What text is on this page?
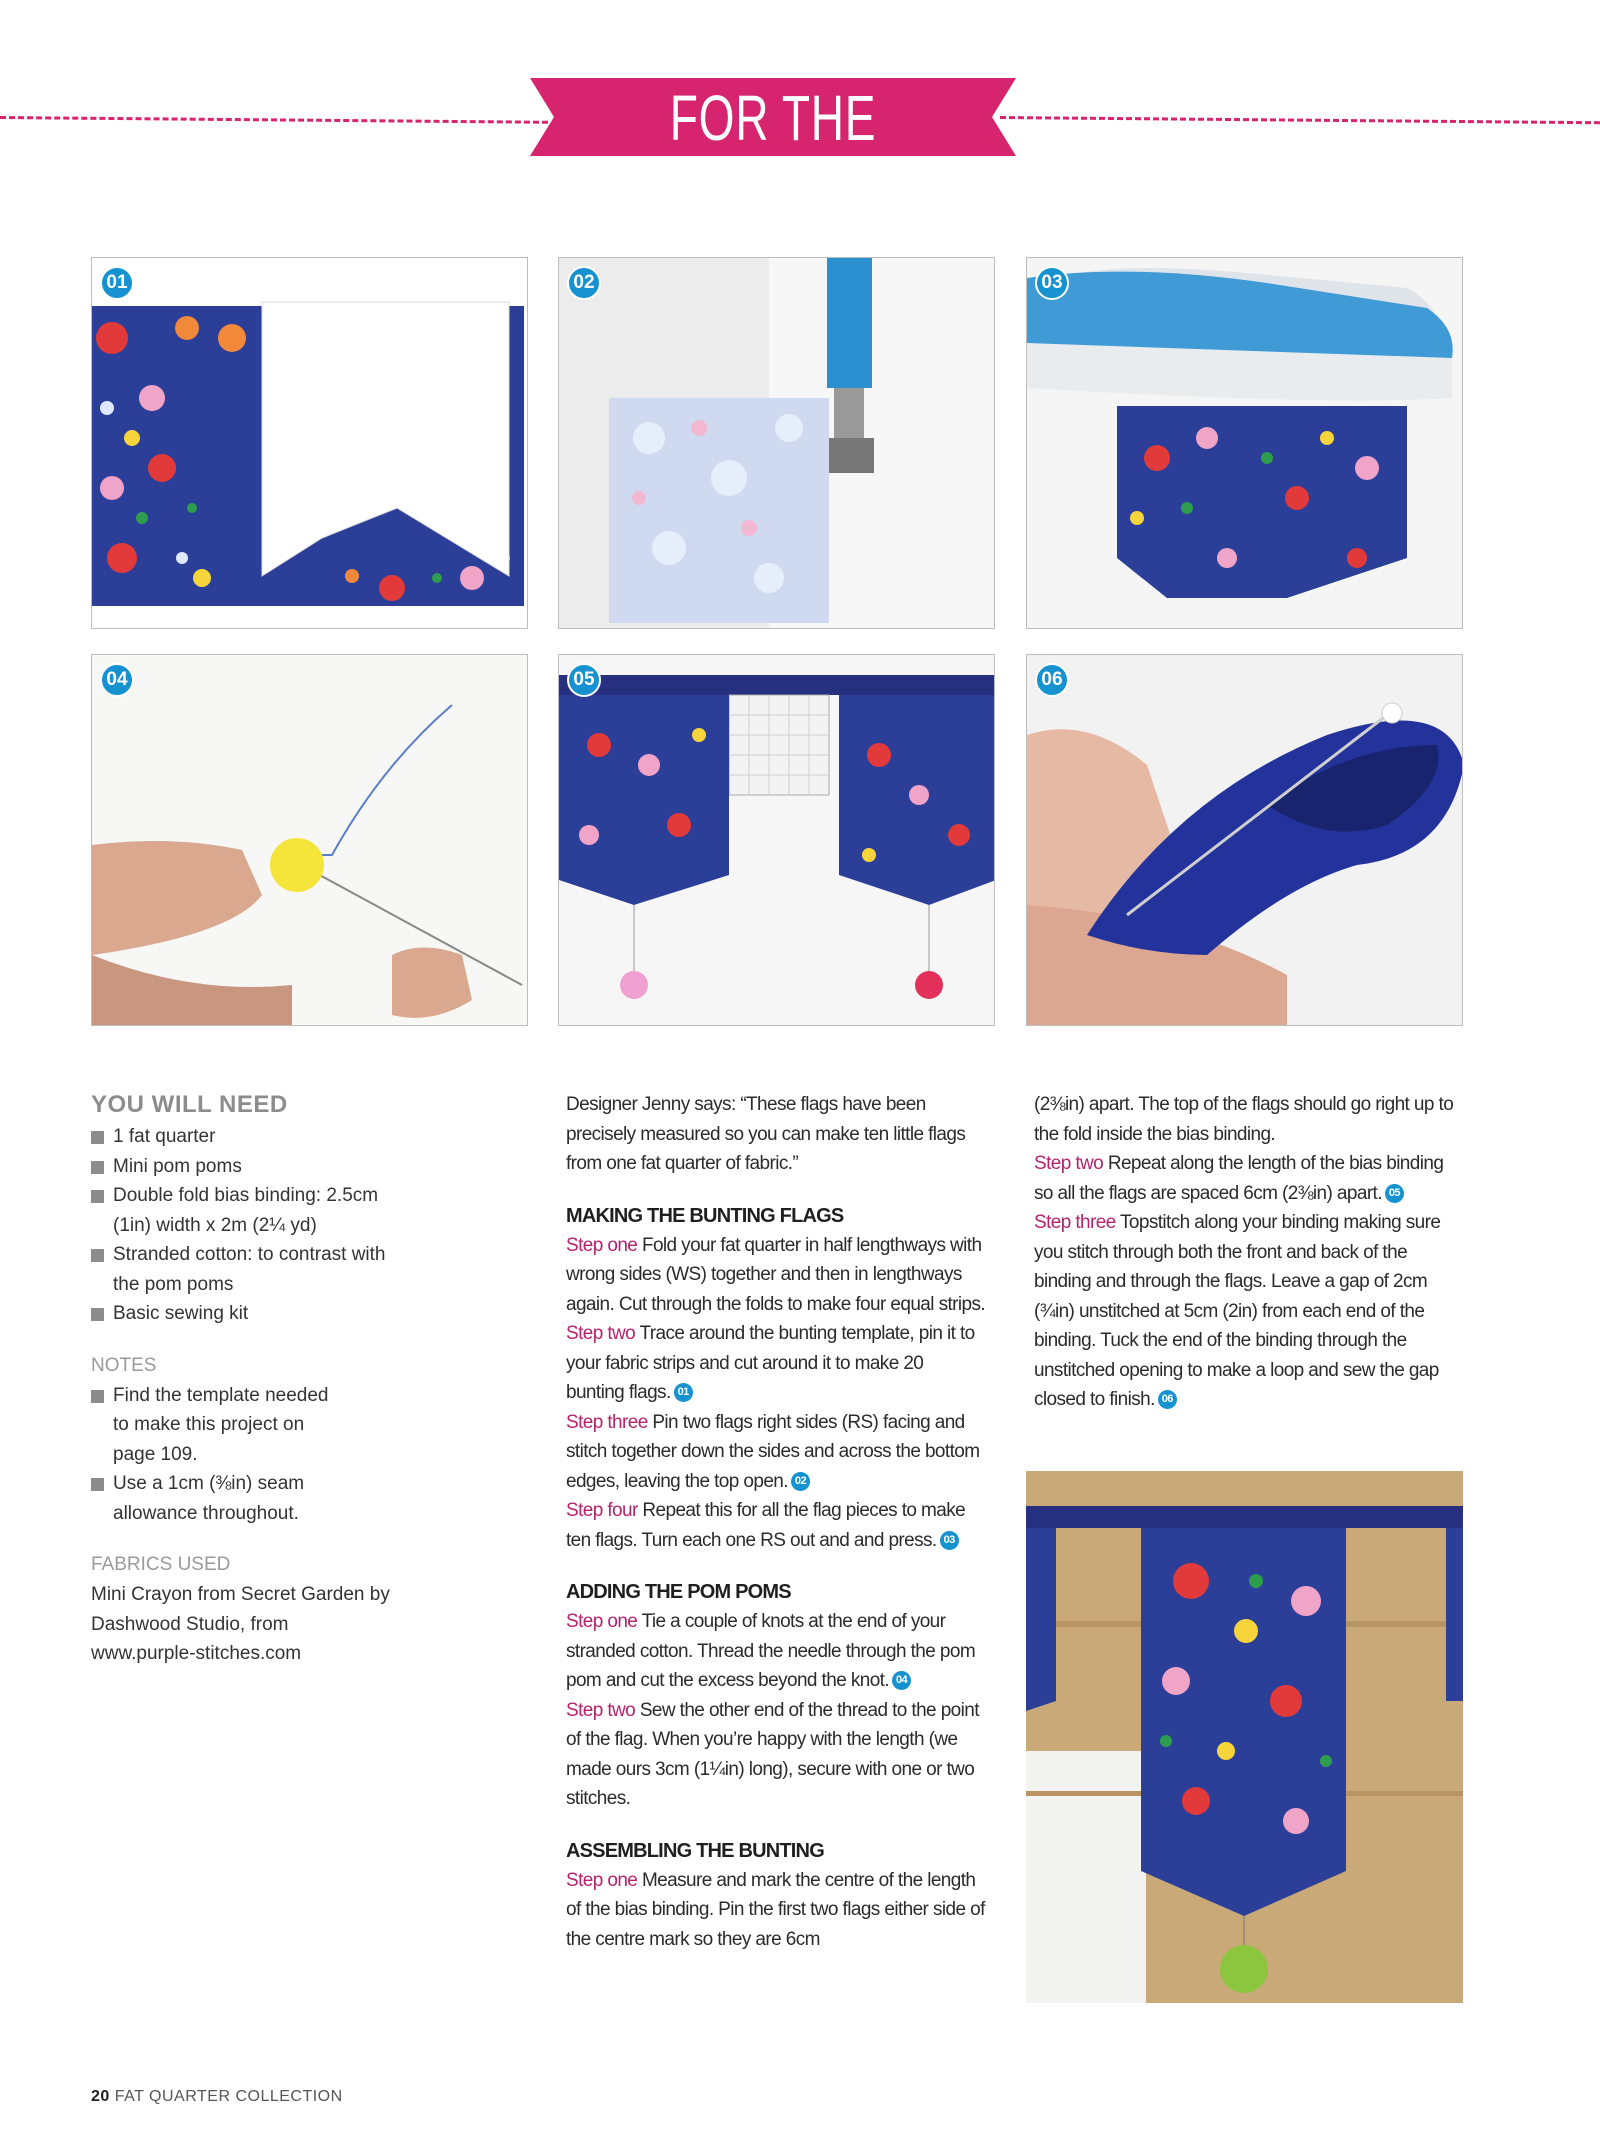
FOR THE HOME
01	02	03
04	05	06
YOU WILL NEED
1 fat quarter
Mini pom poms
Double fold bias binding: 2.5cm (1in) width x 2m (2¼ yd)
Stranded cotton: to contrast with the pom poms
Basic sewing kit
NOTES
Find the template needed to make this project on page 109.
Use a 1cm (⅜in) seam allowance throughout.
FABRICS USED
Mini Crayon from Secret Garden by Dashwood Studio, from www.purple-stitches.com
Designer Jenny says: “These flags have been precisely measured so you can make ten little flags from one fat quarter of fabric.”
MAKING THE BUNTING FLAGS
Step one Fold your fat quarter in half lengthways with wrong sides (WS) together and then in lengthways again. Cut through the folds to make four equal strips.
Step two Trace around the bunting template, pin it to your fabric strips and cut around it to make 20 bunting flags. 01
Step three Pin two flags right sides (RS) facing and stitch together down the sides and across the bottom edges, leaving the top open. 02
Step four Repeat this for all the flag pieces to make ten flags. Turn each one RS out and and press. 03
ADDING THE POM POMS
Step one Tie a couple of knots at the end of your stranded cotton. Thread the needle through the pom pom and cut the excess beyond the knot. 04
Step two Sew the other end of the thread to the point of the flag. When you’re happy with the length (we made ours 3cm (1¼in) long), secure with one or two stitches.
ASSEMBLING THE BUNTING
Step one Measure and mark the centre of the length of the bias binding. Pin the first two flags either side of the centre mark so they are 6cm
(2⅜in) apart. The top of the flags should go right up to the fold inside the bias binding.
Step two Repeat along the length of the bias binding so all the flags are spaced 6cm (2⅜in) apart. 05
Step three Topstitch along your binding making sure you stitch through both the front and back of the binding and through the flags. Leave a gap of 2cm (¾in) unstitched at 5cm (2in) from each end of the binding. Tuck the end of the binding through the unstitched opening to make a loop and sew the gap closed to finish. 06
20 FAT QUARTER COLLECTION
